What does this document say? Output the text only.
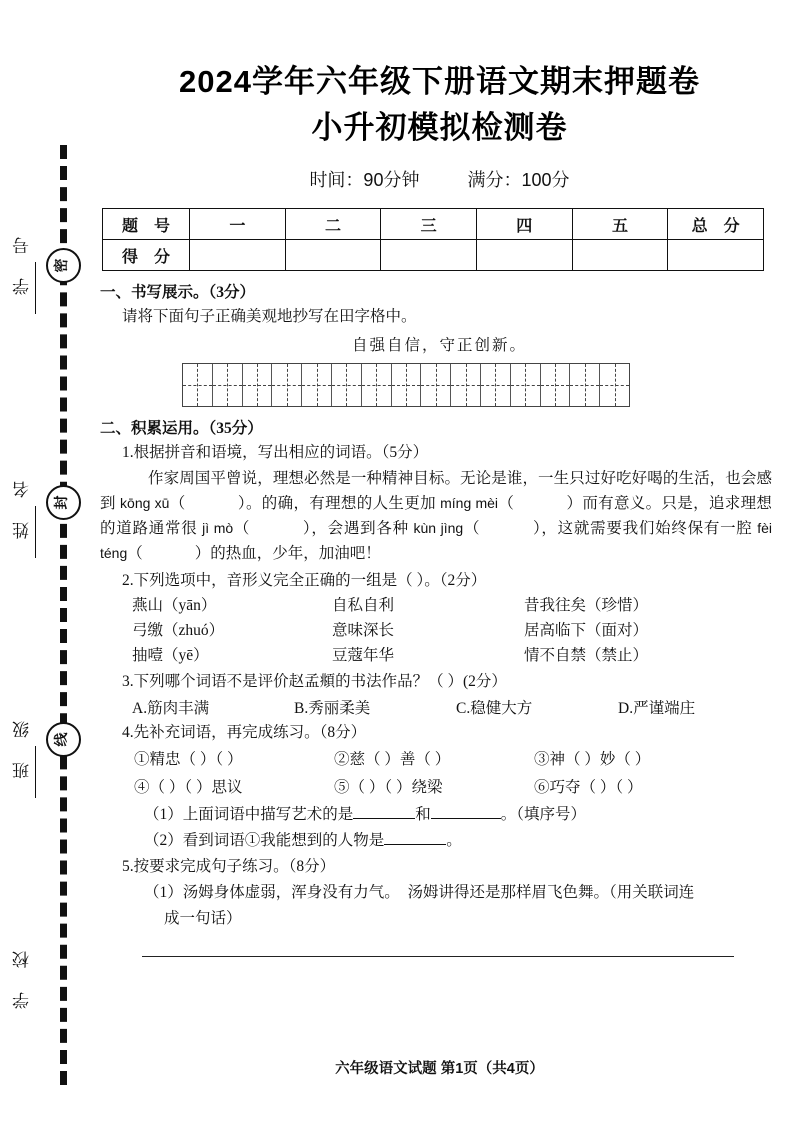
密
封
线
学 号
姓 名
班 级
学 校
2024学年六年级下册语文期末押题卷
小升初模拟检测卷
时间：90分钟	满分：100分
题 号	一	二	三	四	五	总 分
得 分						
一、书写展示。（3分）
请将下面句子正确美观地抄写在田字格中。
自强自信，守正创新。
二、积累运用。（35分）
1.根据拼音和语境，写出相应的词语。（5分）
作家周国平曾说，理想必然是一种精神目标。无论是谁，一生只过好吃好喝的生活，也会感到 kōng xū（	）。的确，有理想的人生更加 míng mèi（	）而有意义。只是，追求理想的道路通常很 jì mò（	），会遇到各种 kùn jìng（	），这就需要我们始终保有一腔 fèi téng（	）的热血，少年，加油吧！
2.下列选项中，音形义完全正确的一组是（ ）。（2分）
燕山（yān）	自私自利	昔我往矣（珍惜）
弓缴（zhuó）	意味深长	居高临下（面对）
抽噎（yē）	豆蔻年华	情不自禁（禁止）
3.下列哪个词语不是评价赵孟頫的书法作品？（ ）(2分）
A.筋肉丰满	B.秀丽柔美	C.稳健大方	D.严谨端庄
4.先补充词语，再完成练习。（8分）
①精忠（ ）（ ）	②慈（ ）善（ ）	③神（ ）妙（ ）
④（ ）（ ）思议	⑤（ ）（ ）绕梁	⑥巧夺（ ）（ ）
（1）上面词语中描写艺术的是	和	。（填序号）
（2）看到词语①我能想到的人物是	。
5.按要求完成句子练习。（8分）
（1）汤姆身体虚弱，浑身没有力气。　汤姆讲得还是那样眉飞色舞。（用关联词连
成一句话）
六年级语文试题 第1页（共4页）
